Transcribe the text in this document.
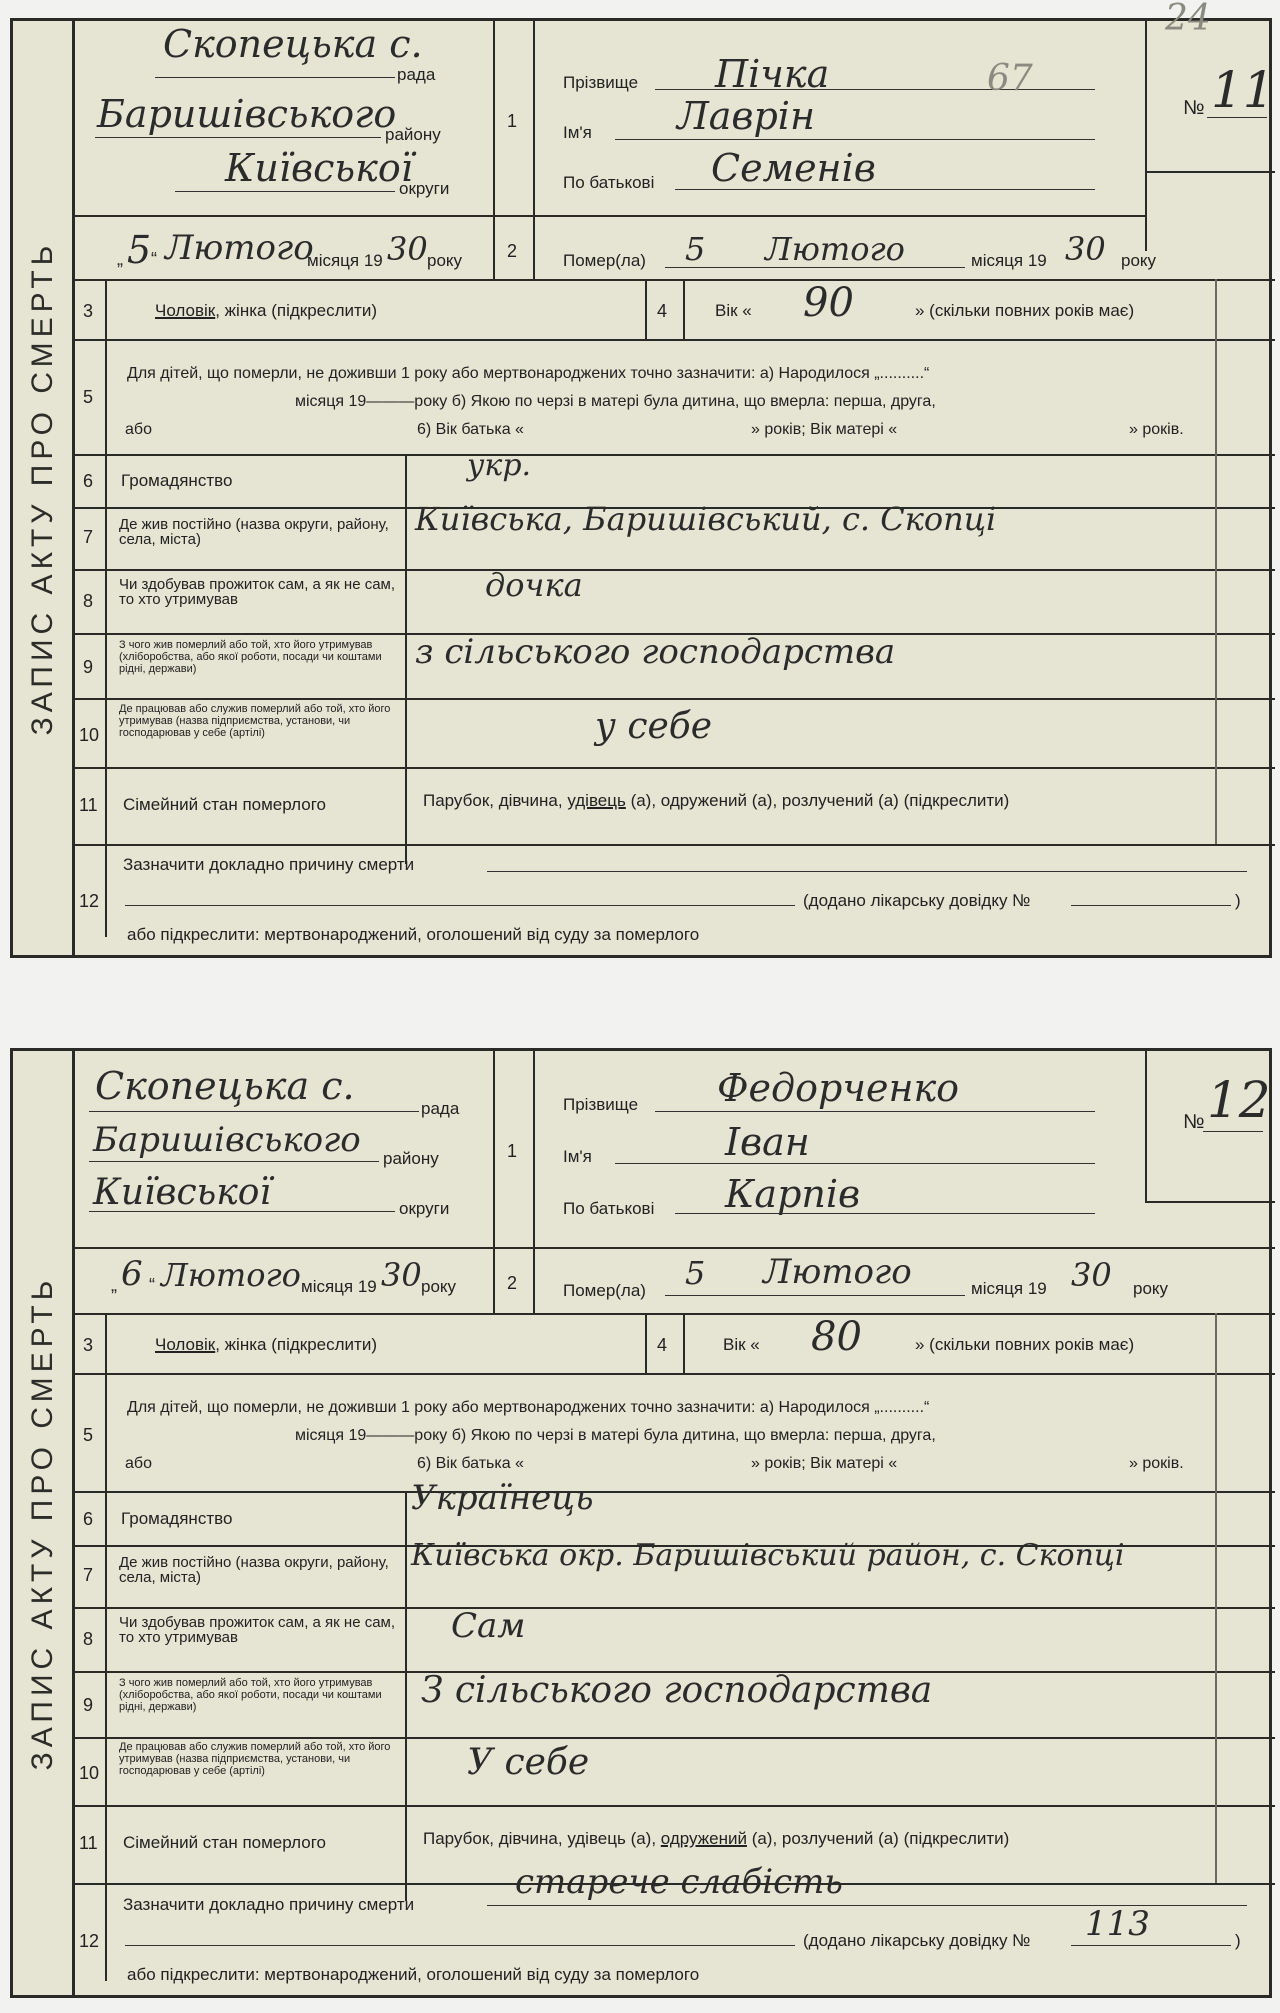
ЗАПИС АКТУ ПРО СМЕРТЬ
Скопецька с.
рада
Баришівського
району
Київської
округи
„ 5 “ Лютого
місяця 19 30 року
1
Прізвище Пічка
Ім'я Лаврін
По батькові Семенів
24
67
№ 11
2	Помер(ла) 5 Лютого	місяця 19 30 року
3	Чоловік, жінка (підкреслити)	4	Вік « 90	» (скільки повних років має)
5
Для дітей, що померли, не доживши 1 року або мертвонароджених точно зазначити: а) Народилося „..........“
місяця 19———року б) Якою по черзі в матері була дитина, що вмерла: перша, друга,
або	6) Вік батька «	» років; Вік матері «	» років.
6 Громадянство	укр.
7
Де жив постійно (назва округи, району, села, міста)
Київська, Баришівський, с. Скопці
8
Чи здобував прожиток сам, а як не сам, то хто утримував	дочка
9
З чого жив померлий або той, хто його утримував (хліборобства, або якої роботи, посади чи коштами рідні, держави)	з сільського господарства
10
Де працював або служив померлий або той, хто його утримував (назва підприємства, установи, чи господарював у себе (артілі)	у себе
11 Сімейний стан померлого	Парубок, дівчина, удівець (а), одружений (а), розлучений (а) (підкреслити)
12
Зазначити докладно причину смерти
(додано лікарську довідку №	)
або підкреслити: мертвонароджений, оголошений від суду за померлого
ЗАПИС АКТУ ПРО СМЕРТЬ
Скопецька с.
рада
Баришівського району
Київської	округи
„ 6 “ Лютого місяця 19 30 року
1
Прізвище Федорченко
Ім'я	Іван
По батькові Карпів
№ 12
2	Помер(ла) 5 Лютого	місяця 19 30 року
3	Чоловік, жінка (підкреслити)	4	Вік « 80	» (скільки повних років має)
5
Для дітей, що померли, не доживши 1 року або мертвонароджених точно зазначити: а) Народилося „..........“
місяця 19———року б) Якою по черзі в матері була дитина, що вмерла: перша, друга,
або	6) Вік батька «	» років; Вік матері «	» років.
6 Громадянство
Українець
7
Де жив постійно (назва округи, району, села, міста)
Київська окр. Баришівський район, с. Скопці
8
Чи здобував прожиток сам, а як не сам, то хто утримував	Сам
9
З чого жив померлий або той, хто його утримував (хліборобства, або якої роботи, посади чи коштами рідні, держави)	З сільського господарства
10
Де працював або служив померлий або той, хто його утримував (назва підприємства, установи, чи господарював у себе (артілі)	У себе
11 Сімейний стан померлого	Парубок, дівчина, удівець (а), одружений (а), розлучений (а) (підкреслити)
12
Зазначити докладно причину смерти
старече слабість
(додано лікарську довідку № 113	)
або підкреслити: мертвонароджений, оголошений від суду за померлого
